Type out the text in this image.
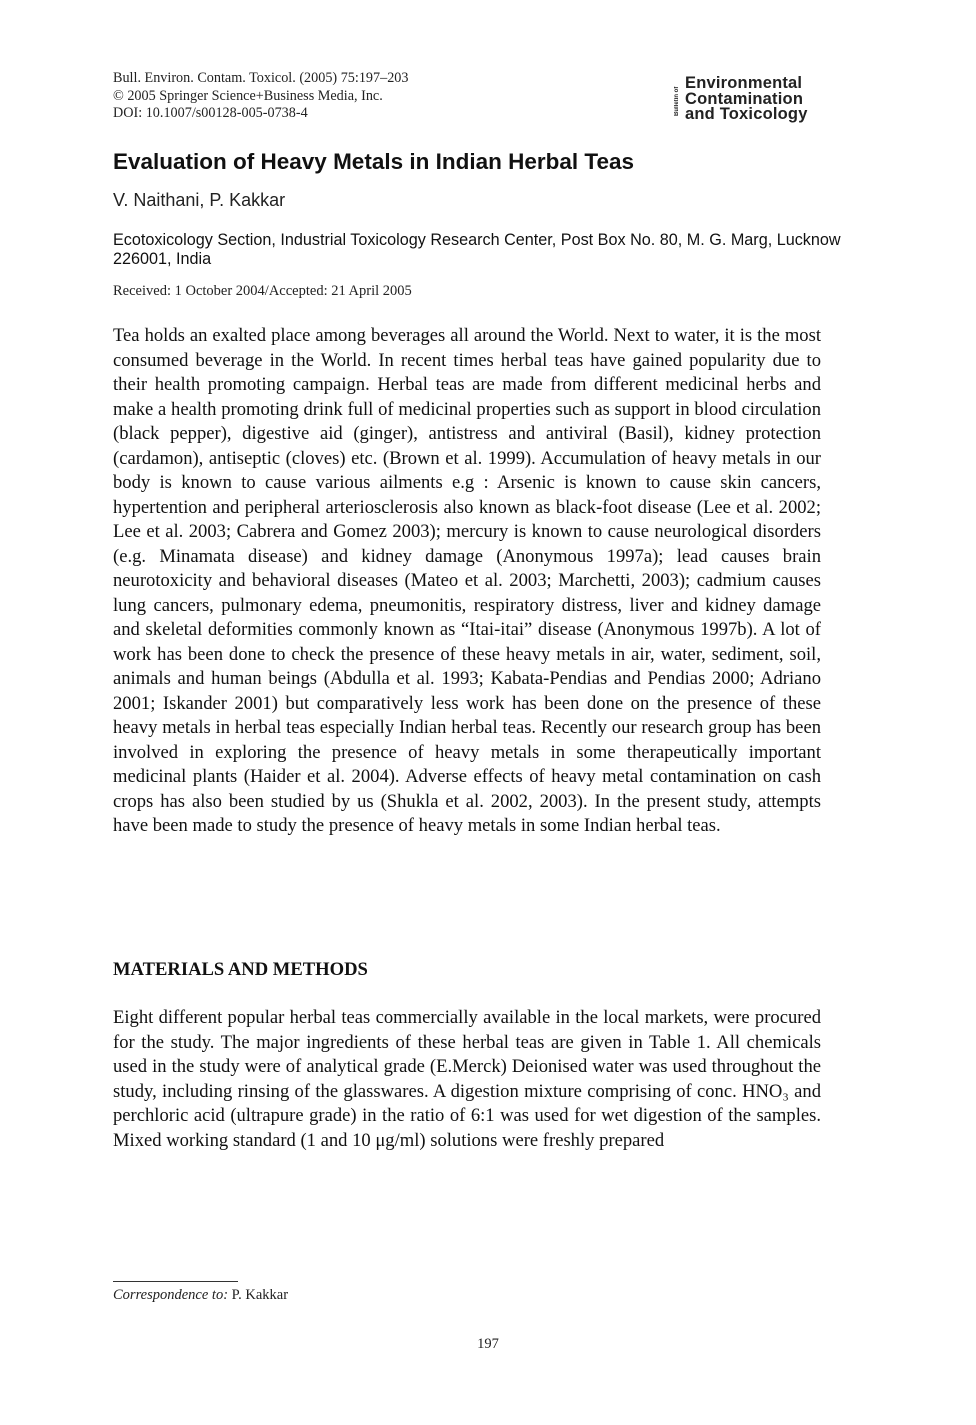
Bull. Environ. Contam. Toxicol. (2005) 75:197–203
© 2005 Springer Science+Business Media, Inc.
DOI: 10.1007/s00128-005-0738-4	Bulletin of
Environmental
Contamination
and Toxicology
Evaluation of Heavy Metals in Indian Herbal Teas
V. Naithani, P. Kakkar
Ecotoxicology Section, Industrial Toxicology Research Center, Post Box No. 80, M. G. Marg, Lucknow 226001, India
Received: 1 October 2004/Accepted: 21 April 2005

Tea holds an exalted place among beverages all around the World. Next to water, it is the most consumed beverage in the World. In recent times herbal teas have gained popularity due to their health promoting campaign. Herbal teas are made from different medicinal herbs and make a health promoting drink full of medicinal properties such as support in blood circulation (black pepper), digestive aid (ginger), antistress and antiviral (Basil), kidney protection (cardamon), antiseptic (cloves) etc. (Brown et al. 1999). Accumulation of heavy metals in our body is known to cause various ailments e.g : Arsenic is known to cause skin cancers, hypertention and peripheral arteriosclerosis also known as black-foot disease (Lee et al. 2002; Lee et al. 2003; Cabrera and Gomez 2003); mercury is known to cause neurological disorders (e.g. Minamata disease) and kidney damage (Anonymous 1997a); lead causes brain neurotoxicity and behavioral diseases (Mateo et al. 2003; Marchetti, 2003); cadmium causes lung cancers, pulmonary edema, pneumonitis, respiratory distress, liver and kidney damage and skeletal deformities commonly known as “Itai-itai” disease (Anonymous 1997b). A lot of work has been done to check the presence of these heavy metals in air, water, sediment, soil, animals and human beings (Abdulla et al. 1993; Kabata-Pendias and Pendias 2000; Adriano 2001; Iskander 2001) but comparatively less work has been done on the presence of these heavy metals in herbal teas especially Indian herbal teas. Recently our research group has been involved in exploring the presence of heavy metals in some therapeutically important medicinal plants (Haider et al. 2004). Adverse effects of heavy metal contamination on cash crops has also been studied by us (Shukla et al. 2002, 2003). In the present study, attempts have been made to study the presence of heavy metals in some Indian herbal teas.

MATERIALS AND METHODS

Eight different popular herbal teas commercially available in the local markets, were procured for the study. The major ingredients of these herbal teas are given in Table 1. All chemicals used in the study were of analytical grade (E.Merck) Deionised water was used throughout the study, including rinsing of the glasswares. A digestion mixture comprising of conc. HNO₃ and perchloric acid (ultrapure grade) in the ratio of 6:1 was used for wet digestion of the samples. Mixed working standard (1 and 10 μg/ml) solutions were freshly prepared

Correspondence to: P. Kakkar
197
